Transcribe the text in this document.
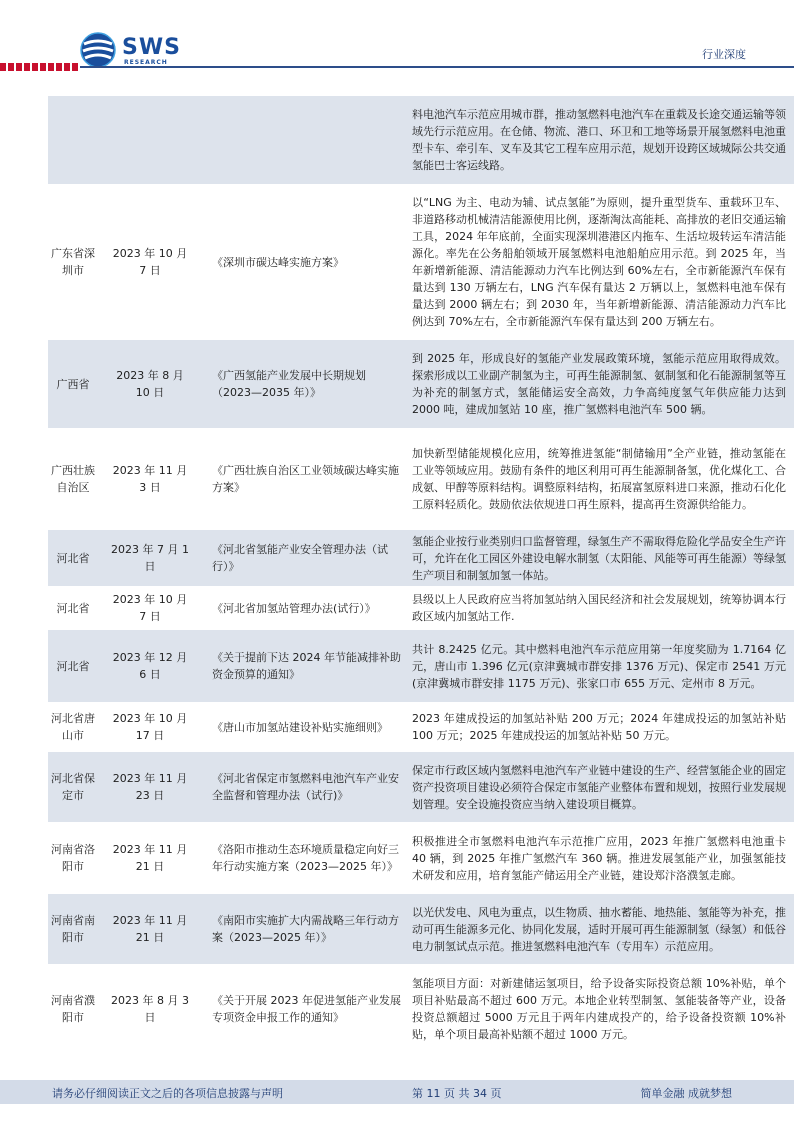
SWS
RESEARCH
行业深度
料电池汽车示范应用城市群，推动氢燃料电池汽车在重载及长途交通运输等领域先行示范应用。在仓储、物流、港口、环卫和工地等场景开展氢燃料电池重型卡车、牵引车、叉车及其它工程车应用示范，规划开设跨区域城际公共交通氢能巴士客运线路。
广东省深圳市
2023 年 10 月 7 日
《深圳市碳达峰实施方案》
以“LNG 为主、电动为辅、试点氢能”为原则，提升重型货车、重载环卫车、非道路移动机械清洁能源使用比例，逐渐淘汰高能耗、高排放的老旧交通运输工具，2024 年年底前，全面实现深圳港港区内拖车、生活垃圾转运车清洁能源化。率先在公务船舶领域开展氢燃料电池船舶应用示范。到 2025 年，当年新增新能源、清洁能源动力汽车比例达到 60%左右，全市新能源汽车保有量达到 130 万辆左右，LNG 汽车保有量达 2 万辆以上，氢燃料电池车保有量达到 2000 辆左右；到 2030 年，当年新增新能源、清洁能源动力汽车比例达到 70%左右，全市新能源汽车保有量达到 200 万辆左右。
广西省
2023 年 8 月 10 日
《广西氢能产业发展中长期规划（2023—2035 年）》
到 2025 年，形成良好的氢能产业发展政策环境，氢能示范应用取得成效。探索形成以工业副产制氢为主，可再生能源制氢、氨制氢和化石能源制氢等互为补充的制氢方式，氢能储运安全高效，力争高纯度氢气年供应能力达到 2000 吨，建成加氢站 10 座，推广氢燃料电池汽车 500 辆。
广西壮族自治区
2023 年 11 月 3 日
《广西壮族自治区工业领域碳达峰实施方案》
加快新型储能规模化应用，统筹推进氢能“制储输用”全产业链，推动氢能在工业等领域应用。鼓励有条件的地区利用可再生能源制备氢，优化煤化工、合成氨、甲醇等原料结构。调整原料结构，拓展富氢原料进口来源，推动石化化工原料轻质化。鼓励依法依规进口再生原料，提高再生资源供给能力。
河北省
2023 年 7 月 1 日
《河北省氢能产业安全管理办法（试行）》
氢能企业按行业类别归口监督管理，绿氢生产不需取得危险化学品安全生产许可，允许在化工园区外建设电解水制氢（太阳能、风能等可再生能源）等绿氢生产项目和制氢加氢一体站。
河北省
2023 年 10 月 7 日
《河北省加氢站管理办法(试行）》
县级以上人民政府应当将加氢站纳入国民经济和社会发展规划，统筹协调本行政区域内加氢站工作.
河北省
2023 年 12 月 6 日
《关于提前下达 2024 年节能减排补助资金预算的通知》
共计 8.2425 亿元。其中燃料电池汽车示范应用第一年度奖励为 1.7164 亿元，唐山市 1.396 亿元(京津冀城市群安排 1376 万元)、保定市 2541 万元(京津冀城市群安排 1175 万元)、张家口市 655 万元、定州市 8 万元。
河北省唐山市
2023 年 10 月 17 日
《唐山市加氢站建设补贴实施细则》
2023 年建成投运的加氢站补贴 200 万元；2024 年建成投运的加氢站补贴 100 万元；2025 年建成投运的加氢站补贴 50 万元。
河北省保定市
2023 年 11 月 23 日
《河北省保定市氢燃料电池汽车产业安全监督和管理办法（试行)》
保定市行政区域内氢燃料电池汽车产业链中建设的生产、经营氢能企业的固定资产投资项目建设必须符合保定市氢能产业整体布置和规划，按照行业发展规划管理。安全设施投资应当纳入建设项目概算。
河南省洛阳市
2023 年 11 月 21 日
《洛阳市推动生态环境质量稳定向好三年行动实施方案（2023—2025 年）》
积极推进全市氢燃料电池汽车示范推广应用，2023 年推广氢燃料电池重卡 40 辆，到 2025 年推广氢燃汽车 360 辆。推进发展氢能产业，加强氢能技术研发和应用，培育氢能产储运用全产业链，建设郑汴洛濮氢走廊。
河南省南阳市
2023 年 11 月 21 日
《南阳市实施扩大内需战略三年行动方案（2023—2025 年）》
以光伏发电、风电为重点，以生物质、抽水蓄能、地热能、氢能等为补充，推动可再生能源多元化、协同化发展，适时开展可再生能源制氢（绿氢）和低谷电力制氢试点示范。推进氢燃料电池汽车（专用车）示范应用。
河南省濮阳市
2023 年 8 月 3 日
《关于开展 2023 年促进氢能产业发展专项资金申报工作的通知》
氢能项目方面：对新建储运氢项目，给予设备实际投资总额 10%补贴，单个项目补贴最高不超过 600 万元。本地企业转型制氢、氢能装备等产业，设备投资总额超过 5000 万元且于两年内建成投产的，给予设备投资额 10%补贴，单个项目最高补贴额不超过 1000 万元。
请务必仔细阅读正文之后的各项信息披露与声明	第 11 页 共 34 页	简单金融 成就梦想
